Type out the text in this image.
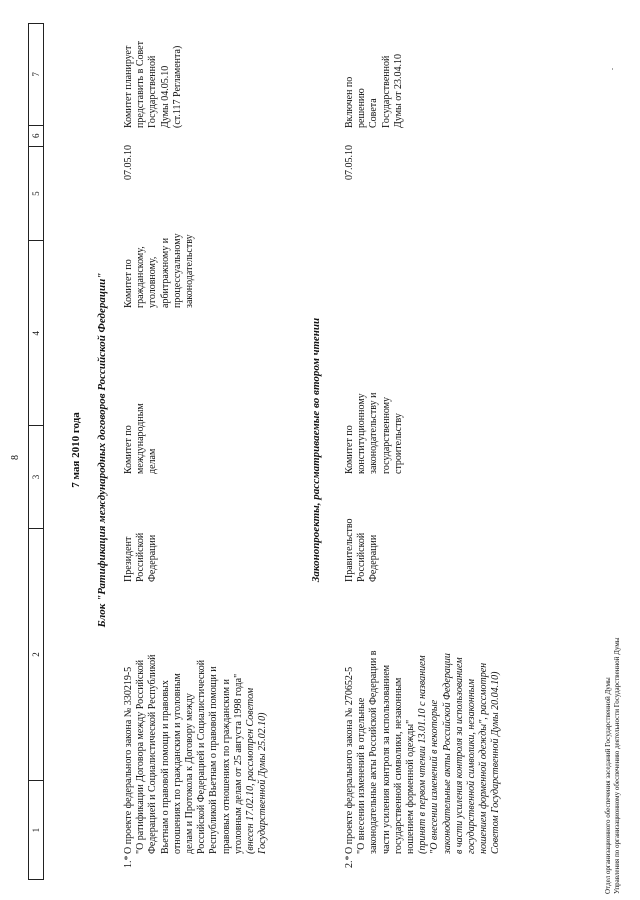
8
1
2
3
4
5
6
7
7 мая 2010 года Блок "Ратификация международных договоров Российской Федерации"
1.*
О проекте федерального закона № 330219-5
"О ратификации Договора между Российской
Федерацией и Социалистической Республикой
Вьетнам о правовой помощи и правовых
отношениях по гражданским и уголовным
делам и Протокола к Договору между
Российской Федерацией и Социалистической
Республикой Вьетнам о правовой помощи и
правовых отношениях по гражданским и
уголовным делам от 25 августа 1998 года"
(внесен 17.02.10, рассмотрен Советом
Государственной Думы 25.02.10)
Президент
Российской
Федерации
Комитет по
международным
делам
Комитет по
гражданскому,
уголовному,
арбитражному и
процессуальному
законодательству
07.05.10
Комитет планирует
представить в Совет
Государственной
Думы 04.05.10
(ст.117 Регламента)
Законопроекты, рассматриваемые во втором чтении
2.*
О проекте федерального закона № 270652-5
"О внесении изменений в отдельные
законодательные акты Российской Федерации в
части усиления контроля за использованием
государственной символики, незаконным
ношением форменной одежды"
(принят в первом чтении 13.01.10 с названием
"О внесении изменений в некоторые
законодательные акты Российской Федерации
в части усиления контроля за использованием
государственной символики, незаконным
ношением форменной одежды", рассмотрен
Советом Государственной Думы 20.04.10)
Правительство
Российской
Федерации
Комитет по
конституционному
законодательству и
государственному
строительству
07.05.10
Включен по
решению
Совета
Государственной
Думы от 23.04.10
Отдел организационного обеспечения заседаний Государственной Думы Управления по организационному обеспечению деятельности Государственной Думы
.
